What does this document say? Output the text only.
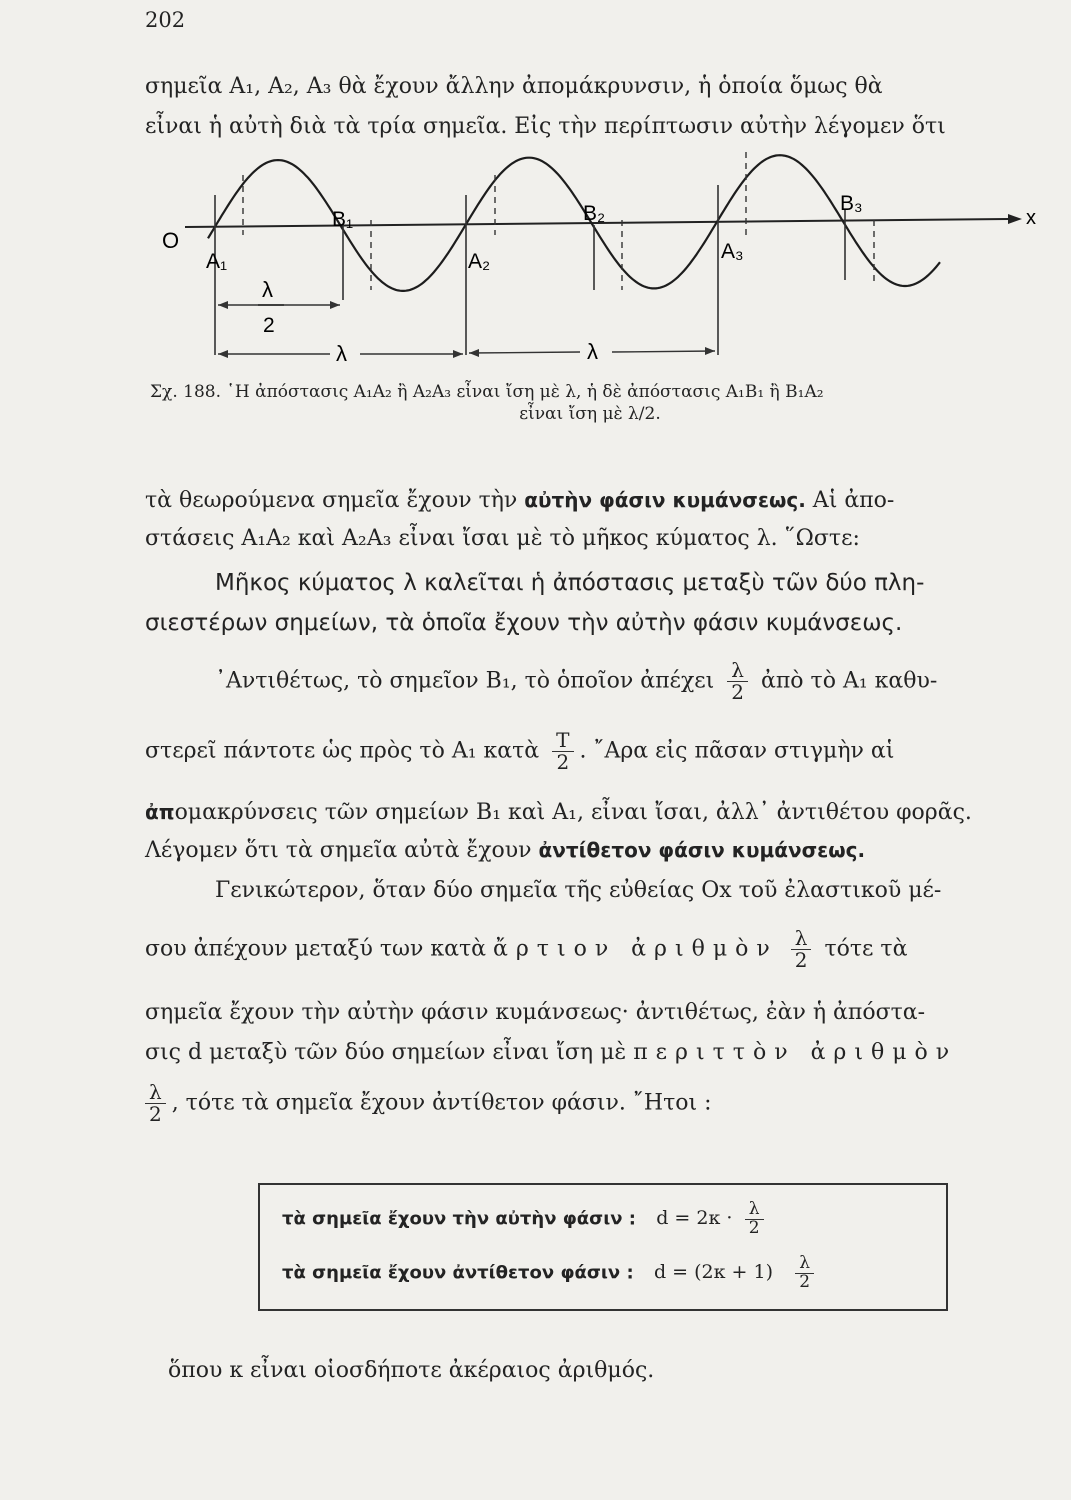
202
σημεῖα A₁, A₂, A₃ θὰ ἔχουν ἄλλην ἀπομάκρυνσιν, ἡ ὁποία ὅμως θὰ
εἶναι ἡ αὐτὴ διὰ τὰ τρία σημεῖα. Εἰς τὴν περίπτωσιν αὐτὴν λέγομεν ὅτι
O
x
A₁
B₁
A₂
B₂
A₃
B₃
λ
2
λ	λ
Σχ. 188. ῾Η ἀπόστασις A₁A₂ ἢ A₂A₃ εἶναι ἴση μὲ λ, ἡ δὲ ἀπόστασις A₁B₁ ἢ B₁A₂
εἶναι ἴση μὲ λ/2.
τὰ θεωρούμενα σημεῖα ἔχουν τὴν αὐτὴν φάσιν κυμάνσεως. Αἱ ἀπο-
στάσεις A₁A₂ καὶ A₂A₃ εἶναι ἴσαι μὲ τὸ μῆκος κύματος λ. ῞Ωστε:
Μῆκος κύματος λ καλεῖται ἡ ἀπόστασις μεταξὺ τῶν δύο πλη-
σιεστέρων σημείων, τὰ ὁποῖα ἔχουν τὴν αὐτὴν φάσιν κυμάνσεως.
᾽Αντιθέτως, τὸ σημεῖον B₁, τὸ ὁποῖον ἀπέχει $\frac{\lambda}{2}$ ἀπὸ τὸ A₁ καθυ-
στερεῖ πάντοτε ὡς πρὸς τὸ A₁ κατὰ $\frac{T}{2}$ . ῎Αρα εἰς πᾶσαν στιγμὴν αἱ
ἀπομακρύνσεις τῶν σημείων B₁ καὶ A₁, εἶναι ἴσαι, ἀλλ᾽ ἀντιθέτου φορᾶς.
Λέγομεν ὅτι τὰ σημεῖα αὐτὰ ἔχουν ἀντίθετον φάσιν κυμάνσεως.
Γενικώτερον, ὅταν δύο σημεῖα τῆς εὐθείας Ox τοῦ ἐλαστικοῦ μέ-
σου ἀπέχουν μεταξύ των κατὰ ἄρτιον ἀριθμὸν $\frac{\lambda}{2}$ τότε τὰ
σημεῖα ἔχουν τὴν αὐτὴν φάσιν κυμάνσεως· ἀντιθέτως, ἐὰν ἡ ἀπόστα-
σις d μεταξὺ τῶν δύο σημείων εἶναι ἴση μὲ περιττὸν ἀριθμὸν
$\frac{\lambda}{2}$ , τότε τὰ σημεῖα ἔχουν ἀντίθετον φάσιν. ῎Ητοι :
τὰ σημεῖα ἔχουν τὴν αὐτὴν φάσιν : $d = 2\kappa \cdot \frac{\lambda}{2}$
τὰ σημεῖα ἔχουν ἀντίθετον φάσιν : $d = (2\kappa + 1) \frac{\lambda}{2}$
ὅπου κ εἶναι οἱοσδήποτε ἀκέραιος ἀριθμός.
